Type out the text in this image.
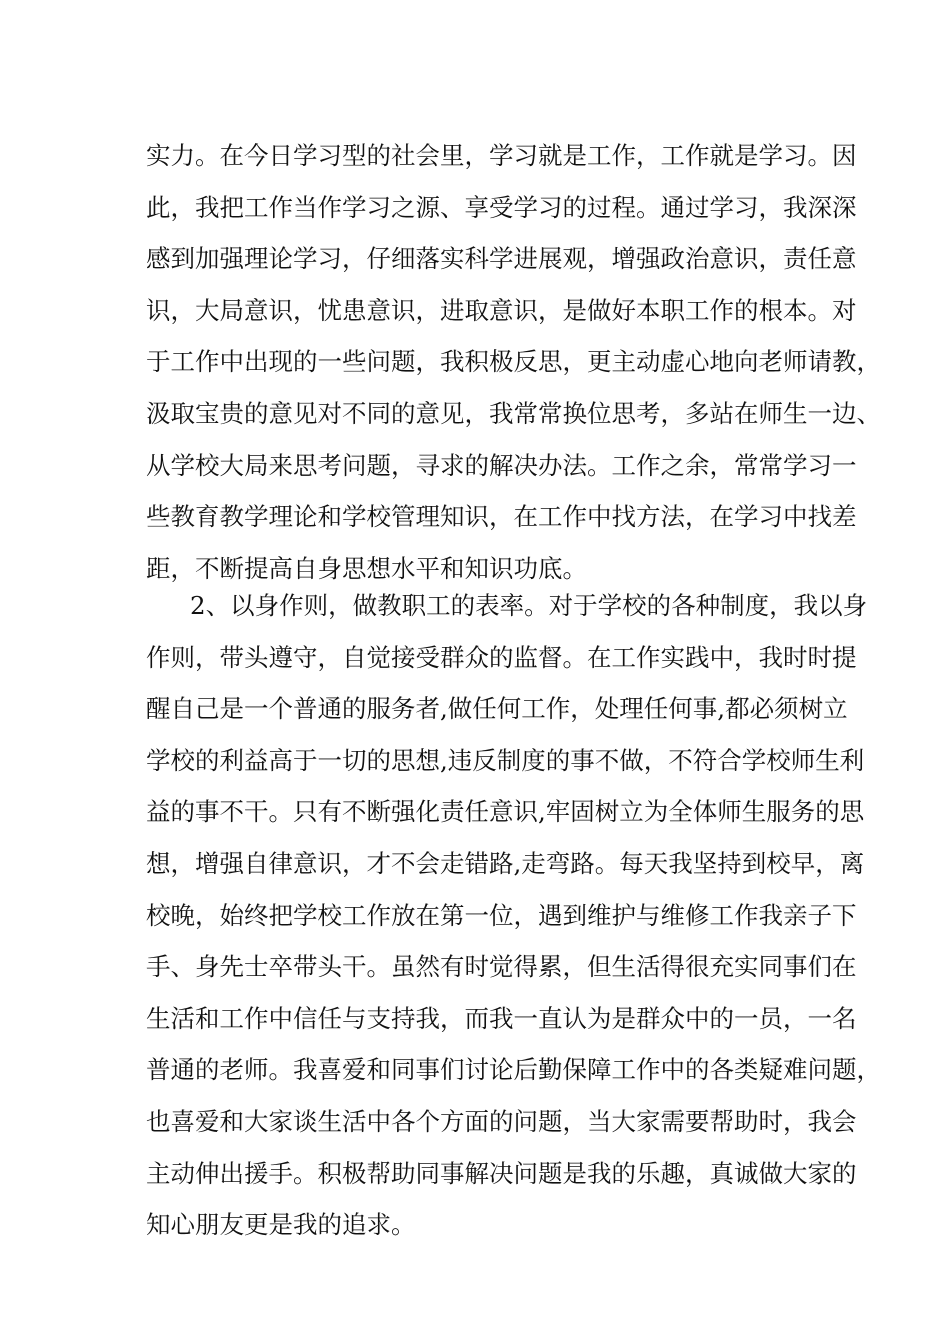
实力。在今日学习型的社会里，学习就是工作，工作就是学习。因
此，我把工作当作学习之源、享受学习的过程。通过学习，我深深
感到加强理论学习，仔细落实科学进展观，增强政治意识，责任意
识，大局意识，忧患意识，进取意识，是做好本职工作的根本。对
于工作中出现的一些问题，我积极反思，更主动虚心地向老师请教，
汲取宝贵的意见对不同的意见，我常常换位思考，多站在师生一边、
从学校大局来思考问题，寻求的解决办法。工作之余，常常学习一
些教育教学理论和学校管理知识，在工作中找方法，在学习中找差
距，不断提高自身思想水平和知识功底。
2、以身作则，做教职工的表率。对于学校的各种制度，我以身
作则，带头遵守，自觉接受群众的监督。在工作实践中，我时时提
醒自己是一个普通的服务者,做任何工作，处理任何事,都必须树立
学校的利益高于一切的思想,违反制度的事不做，不符合学校师生利
益的事不干。只有不断强化责任意识,牢固树立为全体师生服务的思
想，增强自律意识，才不会走错路,走弯路。每天我坚持到校早，离
校晚，始终把学校工作放在第一位，遇到维护与维修工作我亲子下
手、身先士卒带头干。虽然有时觉得累，但生活得很充实同事们在
生活和工作中信任与支持我，而我一直认为是群众中的一员，一名
普通的老师。我喜爱和同事们讨论后勤保障工作中的各类疑难问题，
也喜爱和大家谈生活中各个方面的问题，当大家需要帮助时，我会
主动伸出援手。积极帮助同事解决问题是我的乐趣，真诚做大家的
知心朋友更是我的追求。
